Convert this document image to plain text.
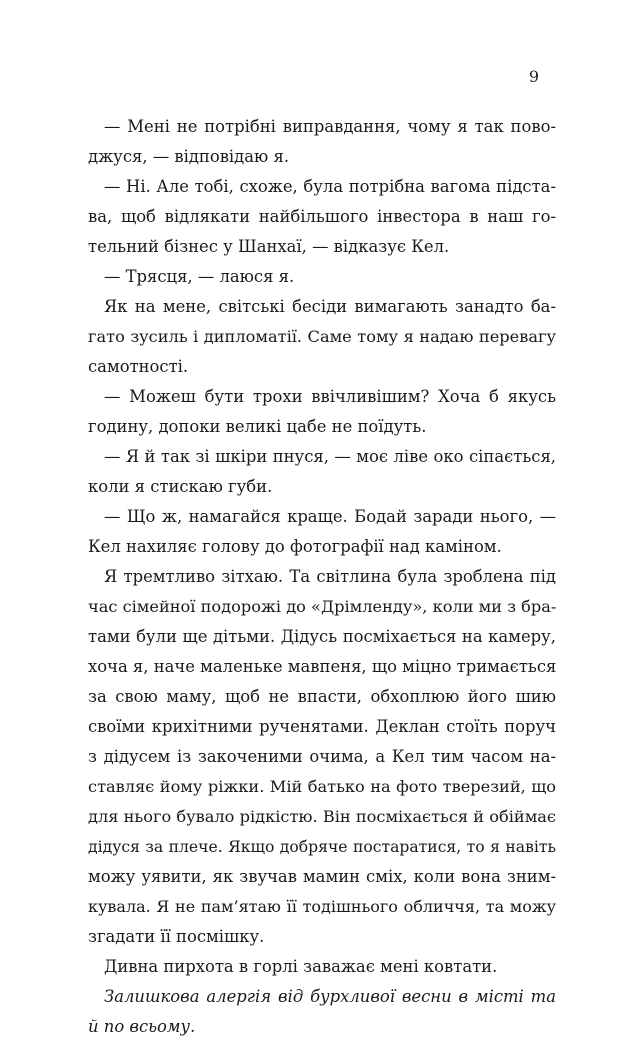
9
— Мені не потрібні виправдання, чому я так пово-
джуся, — відповідаю я.
— Ні. Але тобі, схоже, була потрібна вагома підста-
ва, щоб відлякати найбільшого інвестора в наш го-
тельний бізнес у Шанхаї, — відказує Кел.
— Трясця, — лаюся я.
Як на мене, світські бесіди вимагають занадто ба-
гато зусиль і дипломатії. Саме тому я надаю перевагу
самотності.
— Можеш бути трохи ввічливішим? Хоча б якусь
годину, допоки великі цабе не поїдуть.
— Я й так зі шкіри пнуся, — моє ліве око сіпається,
коли я стискаю губи.
— Що ж, намагайся краще. Бодай заради нього, —
Кел нахиляє голову до фотографії над каміном.
Я тремтливо зітхаю. Та світлина була зроблена під
час сімейної подорожі до «Дрімленду», коли ми з бра-
тами були ще дітьми. Дідусь посміхається на камеру,
хоча я, наче маленьке мавпеня, що міцно тримається
за свою маму, щоб не впасти, обхоплюю його шию
своїми крихітними рученятами. Деклан стоїть поруч
з дідусем із закоченими очима, а Кел тим часом на-
ставляє йому ріжки. Мій батько на фото тверезий, що
для нього бувало рідкістю. Він посміхається й обіймає
дідуся за плече. Якщо добряче постаратися, то я навіть
можу уявити, як звучав мамин сміх, коли вона зним-
кувала. Я не пам’ятаю її тодішнього обличчя, та можу
згадати її посмішку.
Дивна пирхота в горлі заважає мені ковтати.
Залишкова алергія від бурхливої весни в місті та
й по всьому.
